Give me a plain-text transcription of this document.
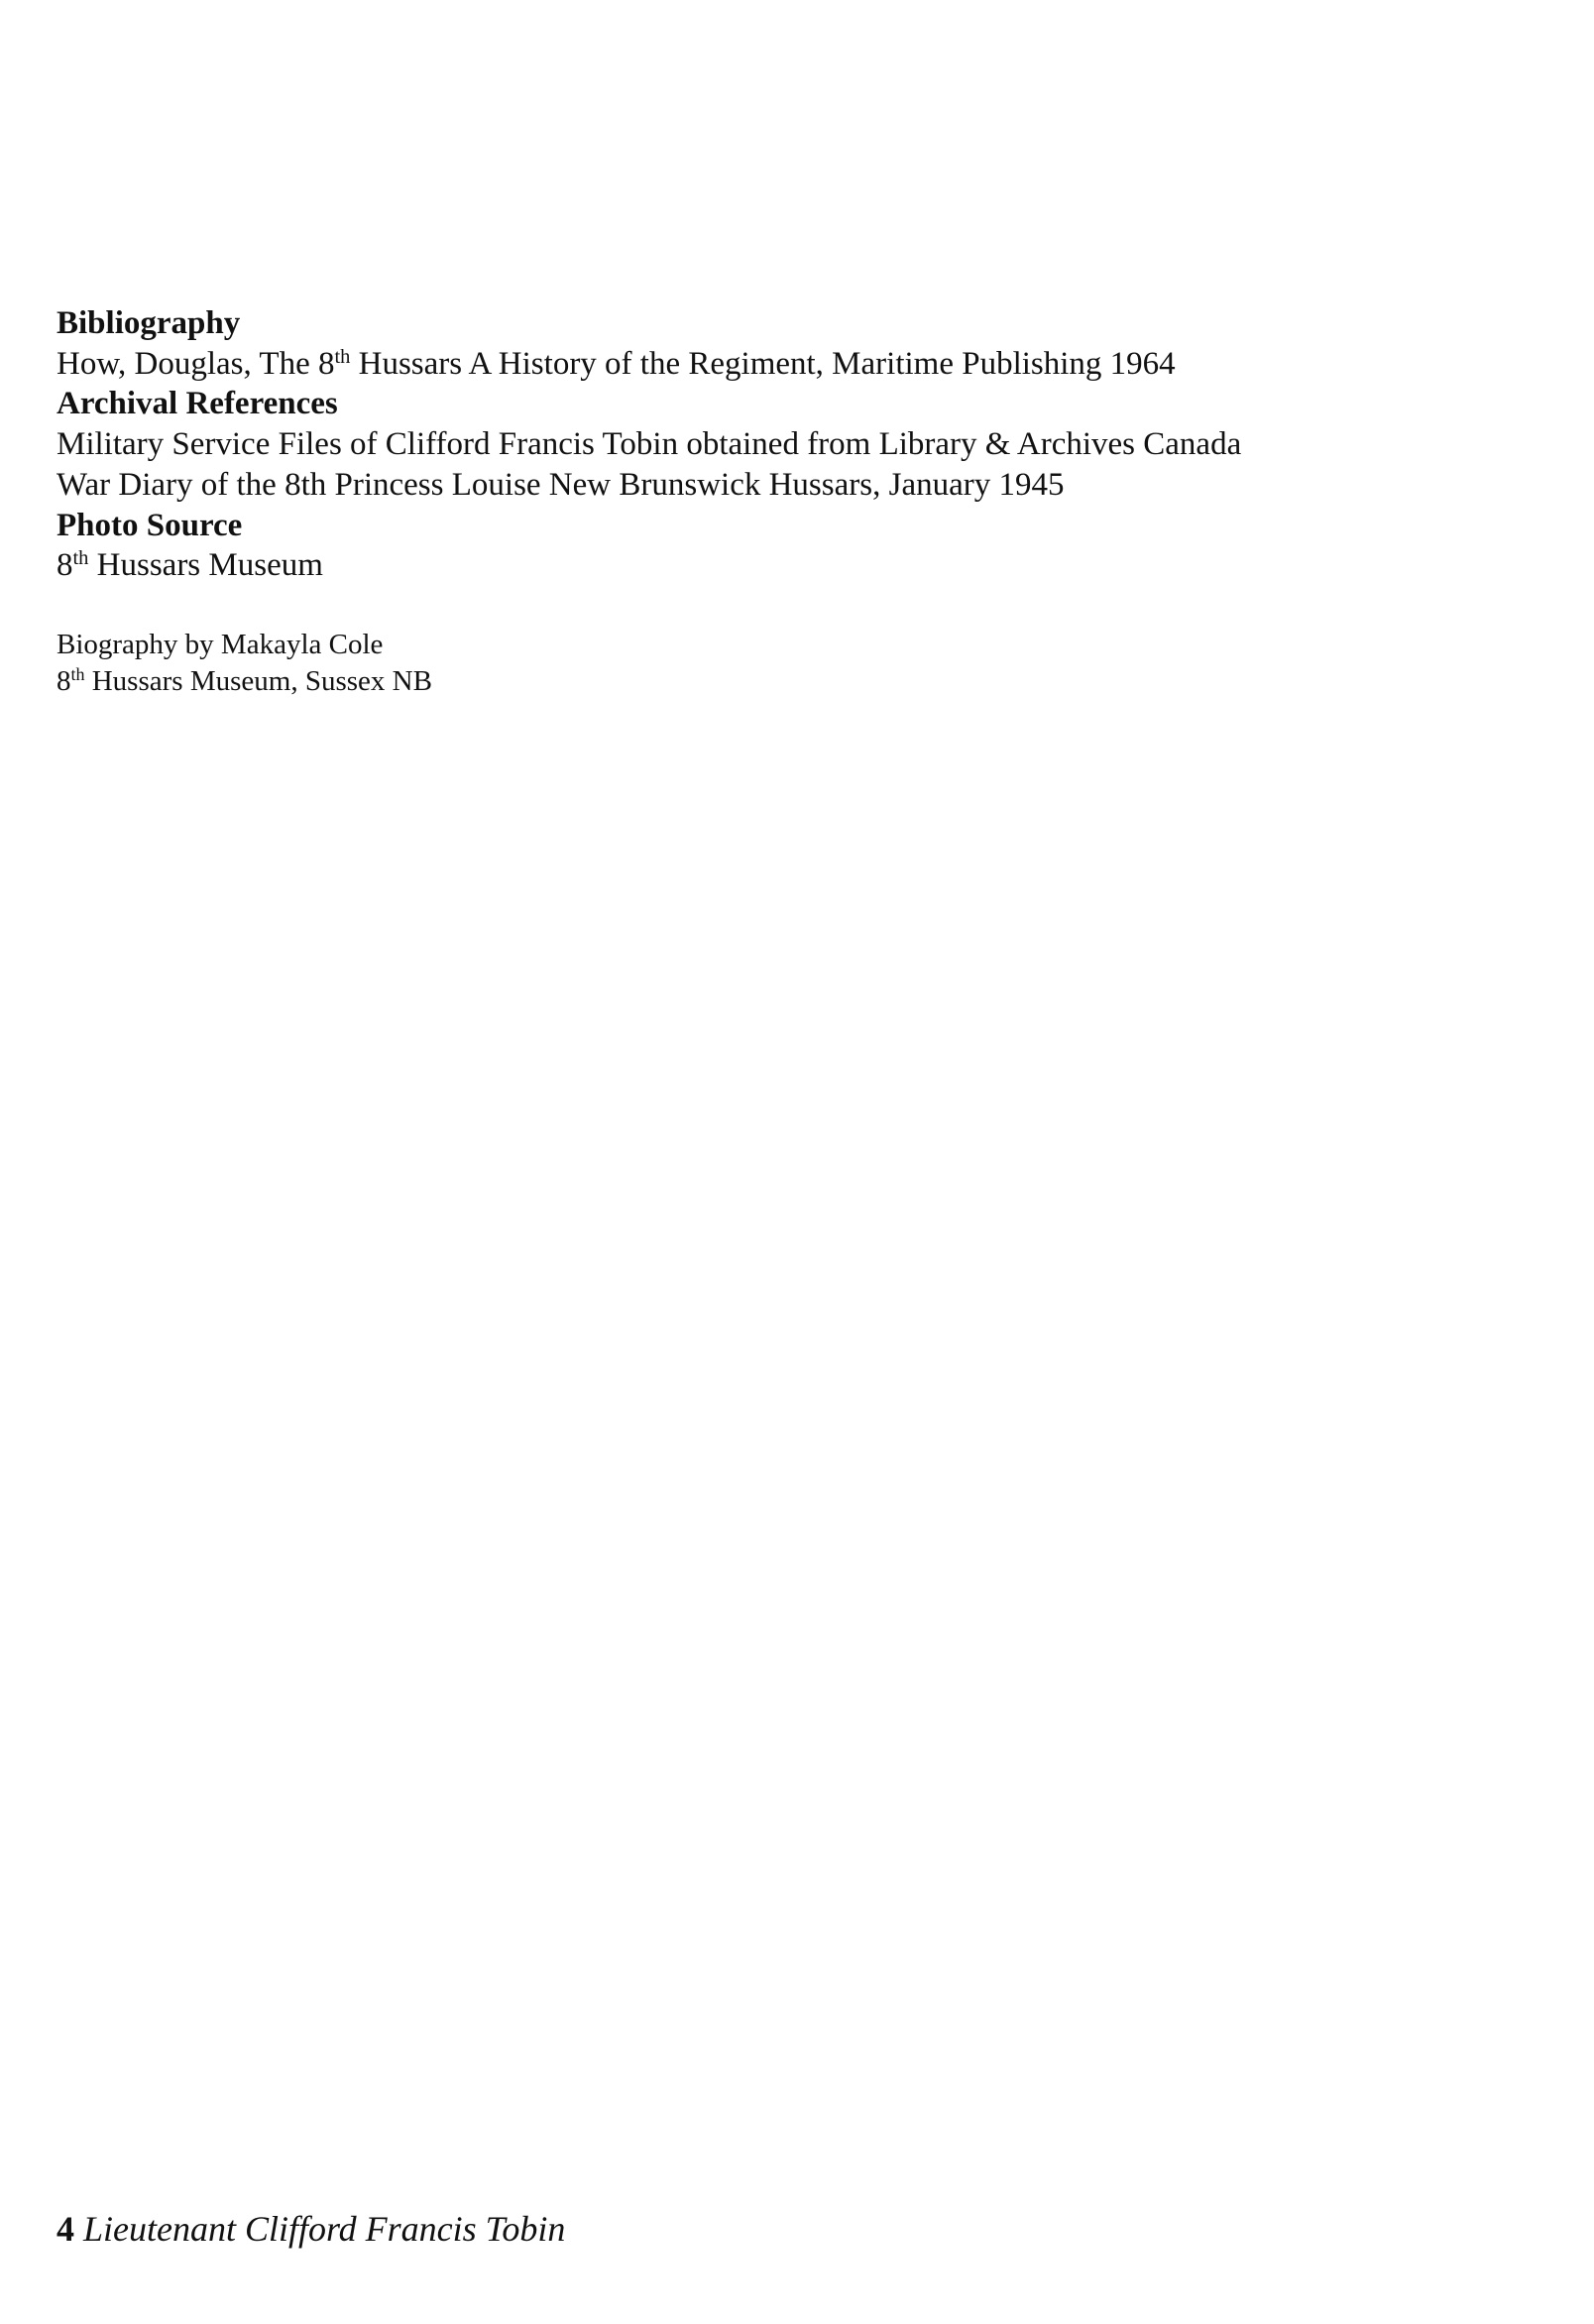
Bibliography

How, Douglas, The 8th Hussars A History of the Regiment, Maritime Publishing 1964

Archival References

Military Service Files of Clifford Francis Tobin obtained from Library & Archives Canada

War Diary of the 8th Princess Louise New Brunswick Hussars, January 1945

Photo Source

8th Hussars Museum

Biography by Makayla Cole

8th Hussars Museum, Sussex NB

4 Lieutenant Clifford Francis Tobin
